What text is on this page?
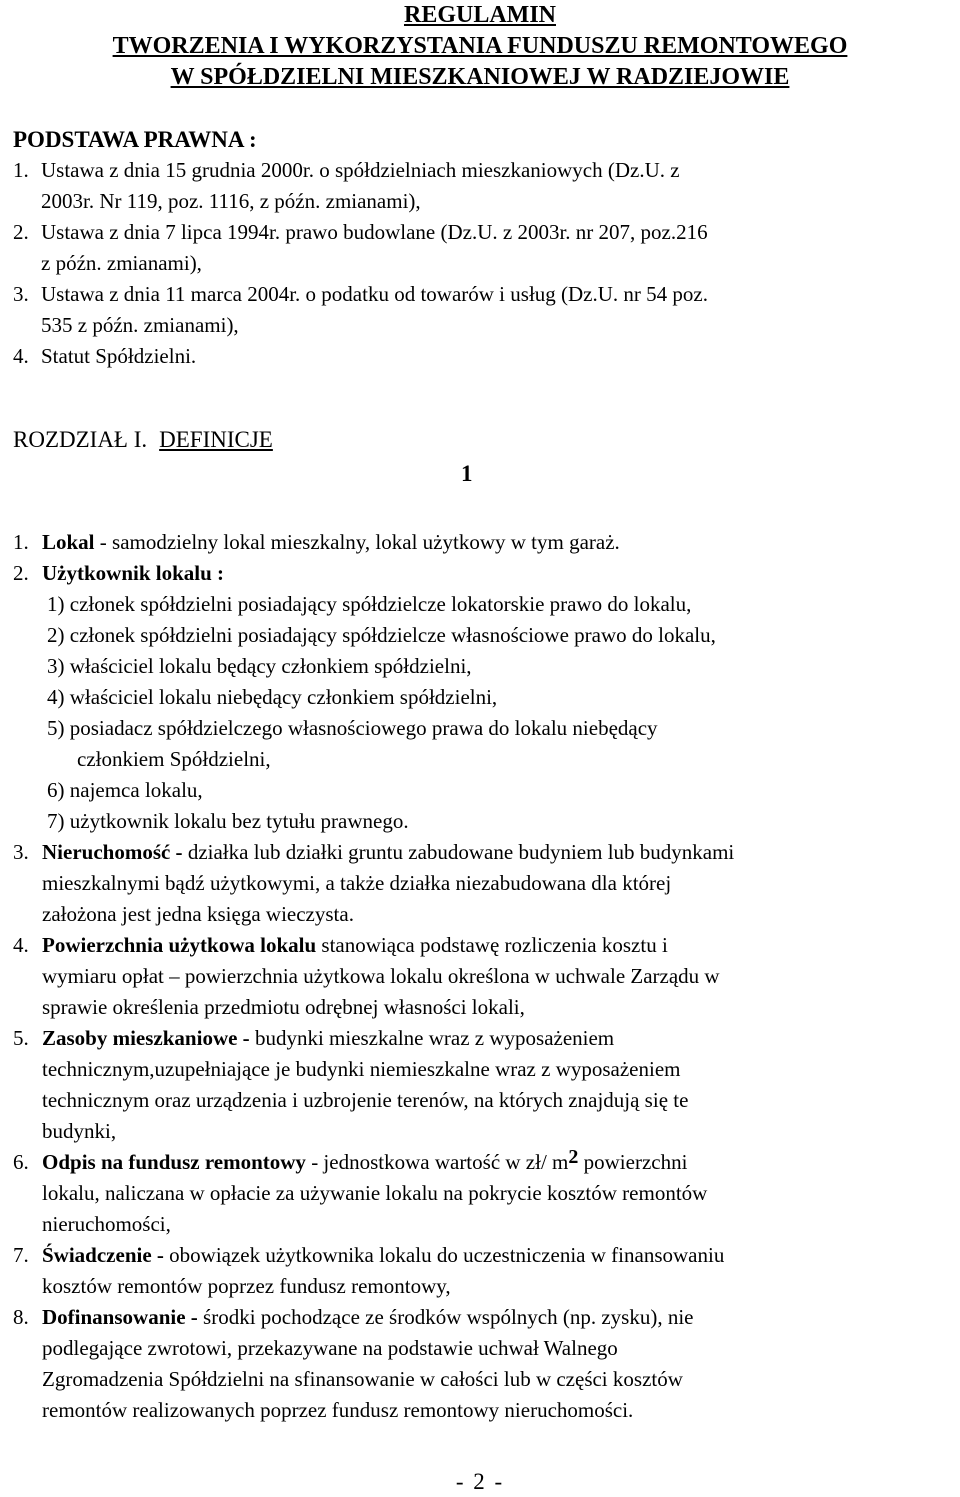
REGULAMIN
TWORZENIA I WYKORZYSTANIA FUNDUSZU REMONTOWEGO
W SPÓŁDZIELNI MIESZKANIOWEJ W RADZIEJOWIE
PODSTAWA PRAWNA :
1. Ustawa z dnia 15 grudnia 2000r. o spółdzielniach mieszkaniowych (Dz.U. z
2003r. Nr 119, poz. 1116, z późn. zmianami),
2. Ustawa z dnia 7 lipca 1994r. prawo budowlane (Dz.U. z 2003r. nr 207, poz.216
z późn. zmianami),
3. Ustawa z dnia 11 marca 2004r. o podatku od towarów i usług (Dz.U. nr 54 poz.
535 z późn. zmianami),
4. Statut Spółdzielni.
ROZDZIAŁ I. DEFINICJE
1
1. Lokal - samodzielny lokal mieszkalny, lokal użytkowy w tym garaż.
2. Użytkownik lokalu :
1) członek spółdzielni posiadający spółdzielcze lokatorskie prawo do lokalu,
2) członek spółdzielni posiadający spółdzielcze własnościowe prawo do lokalu,
3) właściciel lokalu będący członkiem spółdzielni,
4) właściciel lokalu niebędący członkiem spółdzielni,
5) posiadacz spółdzielczego własnościowego prawa do lokalu niebędący
członkiem Spółdzielni,
6) najemca lokalu,
7) użytkownik lokalu bez tytułu prawnego.
3. Nieruchomość - działka lub działki gruntu zabudowane budyniem lub budynkami
mieszkalnymi bądź użytkowymi, a także działka niezabudowana dla której
założona jest jedna księga wieczysta.
4. Powierzchnia użytkowa lokalu stanowiąca podstawę rozliczenia kosztu i
wymiaru opłat – powierzchnia użytkowa lokalu określona w uchwale Zarządu w
sprawie określenia przedmiotu odrębnej własności lokali,
5. Zasoby mieszkaniowe - budynki mieszkalne wraz z wyposażeniem
technicznym,uzupełniające je budynki niemieszkalne wraz z wyposażeniem
technicznym oraz urządzenia i uzbrojenie terenów, na których znajdują się te
budynki,
6. Odpis na fundusz remontowy - jednostkowa wartość w zł/ m2 powierzchni
lokalu, naliczana w opłacie za używanie lokalu na pokrycie kosztów remontów
nieruchomości,
7. Świadczenie - obowiązek użytkownika lokalu do uczestniczenia w finansowaniu
kosztów remontów poprzez fundusz remontowy,
8. Dofinansowanie - środki pochodzące ze środków wspólnych (np. zysku), nie
podlegające zwrotowi, przekazywane na podstawie uchwał Walnego
Zgromadzenia Spółdzielni na sfinansowanie w całości lub w części kosztów
remontów realizowanych poprzez fundusz remontowy nieruchomości.
- 2 -
